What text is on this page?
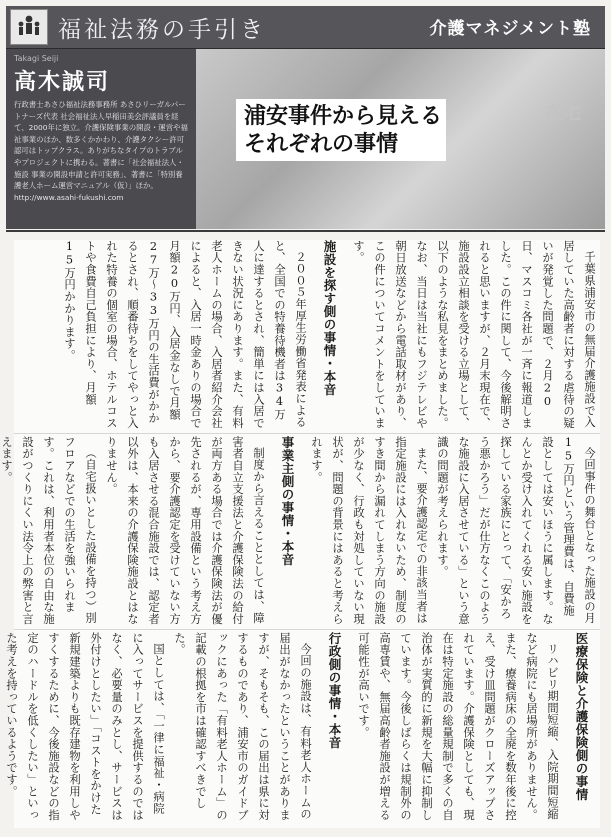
福祉法務の手引き	介護マネジメント塾
Takagi Seiji
高木誠司
行政書士あさひ福祉法務事務所 あさひリーガルパートナーズ代表 社会福祉法人早稲田美会評議員を経て、2000年に独立。介護保険事業の開設・運営や福祉事業のほか、数多くかかわり、介護タクシー許可認可はトップクラス。ありがちなタイプのトラブルやプロジェクトに携わる。著書に「社会福祉法人・施設 事業の開設申請と許可実務」、著書に「特別養護老人ホーム運営マニュアル（仮）」ほか。http://www.asahi-fukushi.com
在宅
浦安事件から見える
それぞれの事情

千葉県浦安市の無届介護施設で入居していた高齢者に対する虐待の疑いが発覚した問題で、２月20日、マスコミ各社が一斉に報道しました。この件に関して、今後解明されると思いますが、２月末現在で、施設設立相談を受ける立場として、以下のような私見をまとめました。なお、当日は当社にもフジテレビや朝日放送などから電話取材があり、この件についてコメントをしています。

施設を探す側の事情・本音

２００５年厚生労働省発表によると、全国での特養待機者は34万人に達するとされ、簡単には入居できない状況にあります。また、有料老人ホームの場合、入居者紹介会社によると、入居一時金ありの場合で月額20万円、入居金なしで月額27万～33万円の生活費がかかるとされ、順番待ちをしてやっと入れた特養の個室の場合、ホテルコストや食費自己負担により、月額15万円かかります。

今回事件の舞台となった施設の月15万円という管理費は、自費施設としては安いほうに属します。なんとか受け入れてくれる安い施設を探している家族にとって、「安かろう悪かろう」だが仕方なくこのような施設に入居させている」という意識の問題が考えられます。

また、要介護認定での非該当者は指定施設には入れないため、制度のすき間から漏れてしまう方向の施設が少なく、行政も対処していない現状が、問題の背景にはあると考えられます。

事業主側の事情・本音

制度から言えることとしては、障害者自立支援法と介護保険法の給付が両方ある場合では介護保険法が優先されるが、専用設備という考え方から、要介護認定を受けていない方も入居させる混合施設では、認定者以外は、本来の介護保険施設とはなりません。

（自宅扱いとした設備を持つ）別フロアなどでの生活を強いられます。これは、利用者本位の自由な施設がつくりにくい法令上の弊害と言えます。

医療保険と介護保険側の事情

リハビリ期間短縮、入院期間短縮など病院にも居場所がありません。また、療養病床の全廃を数年後に控え、受け皿問題がクローズアップされています。介護保険としても、現在は特定施設の総量規制で多くの自治体が実質的に新規を大幅に抑制しています。今後しばらくは規制外の高専賃や、無届高齢者施設が増える可能性が高いです。

行政側の事情・本音

今回の施設は、有料老人ホームの届出がなかったということがありますが、そもそも、この届出は県に対するものであり、浦安市のガイドブックにあった「有料老人ホーム」の記載の根拠を市は確認すべきでした。

国としては、「一律に福祉・病院に入ってサービスを提供するのではなく、必要量のみとし、サービスは外付けとしたい」「コストをかけた新規建築よりも既存建物を利用しやすくするために、今後施設などの指定のハードルを低くしたい」といった考えを持っているようです。
